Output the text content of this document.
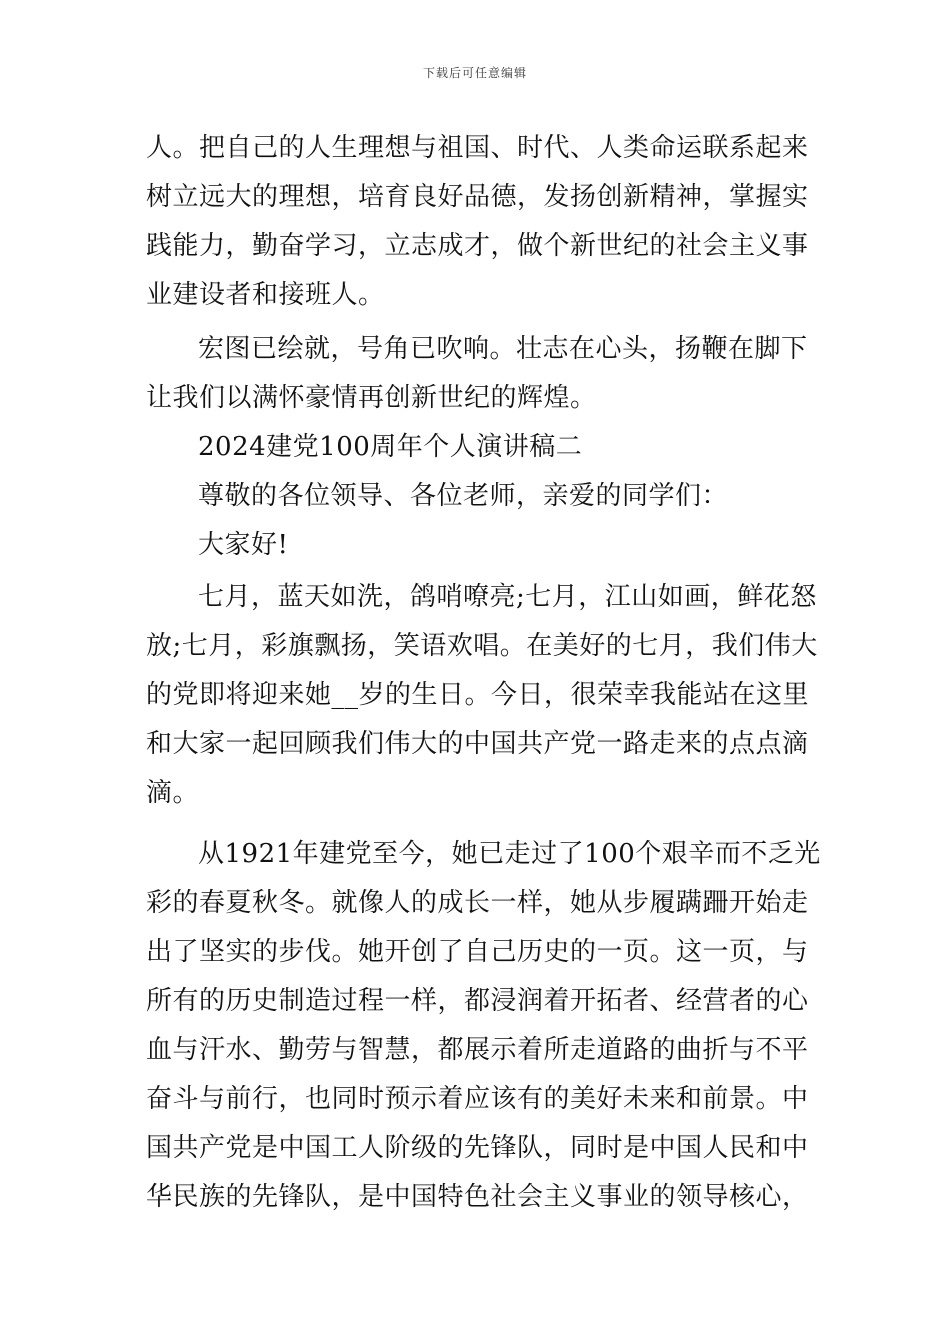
下载后可任意编辑
人。把自己的人生理想与祖国、时代、人类命运联系起来
树立远大的理想，培育良好品德，发扬创新精神，掌握实
践能力，勤奋学习，立志成才，做个新世纪的社会主义事
业建设者和接班人。
宏图已绘就，号角已吹响。壮志在心头，扬鞭在脚下
让我们以满怀豪情再创新世纪的辉煌。
2024建党100周年个人演讲稿二
尊敬的各位领导、各位老师，亲爱的同学们：
大家好!
七月，蓝天如洗，鸽哨嘹亮;七月，江山如画，鲜花怒
放;七月，彩旗飘扬，笑语欢唱。在美好的七月，我们伟大
的党即将迎来她__岁的生日。今日，很荣幸我能站在这里
和大家一起回顾我们伟大的中国共产党一路走来的点点滴
滴。
从1921年建党至今，她已走过了100个艰辛而不乏光
彩的春夏秋冬。就像人的成长一样，她从步履蹒跚开始走
出了坚实的步伐。她开创了自己历史的一页。这一页，与
所有的历史制造过程一样，都浸润着开拓者、经营者的心
血与汗水、勤劳与智慧，都展示着所走道路的曲折与不平
奋斗与前行，也同时预示着应该有的美好未来和前景。中
国共产党是中国工人阶级的先锋队，同时是中国人民和中
华民族的先锋队，是中国特色社会主义事业的领导核心，
